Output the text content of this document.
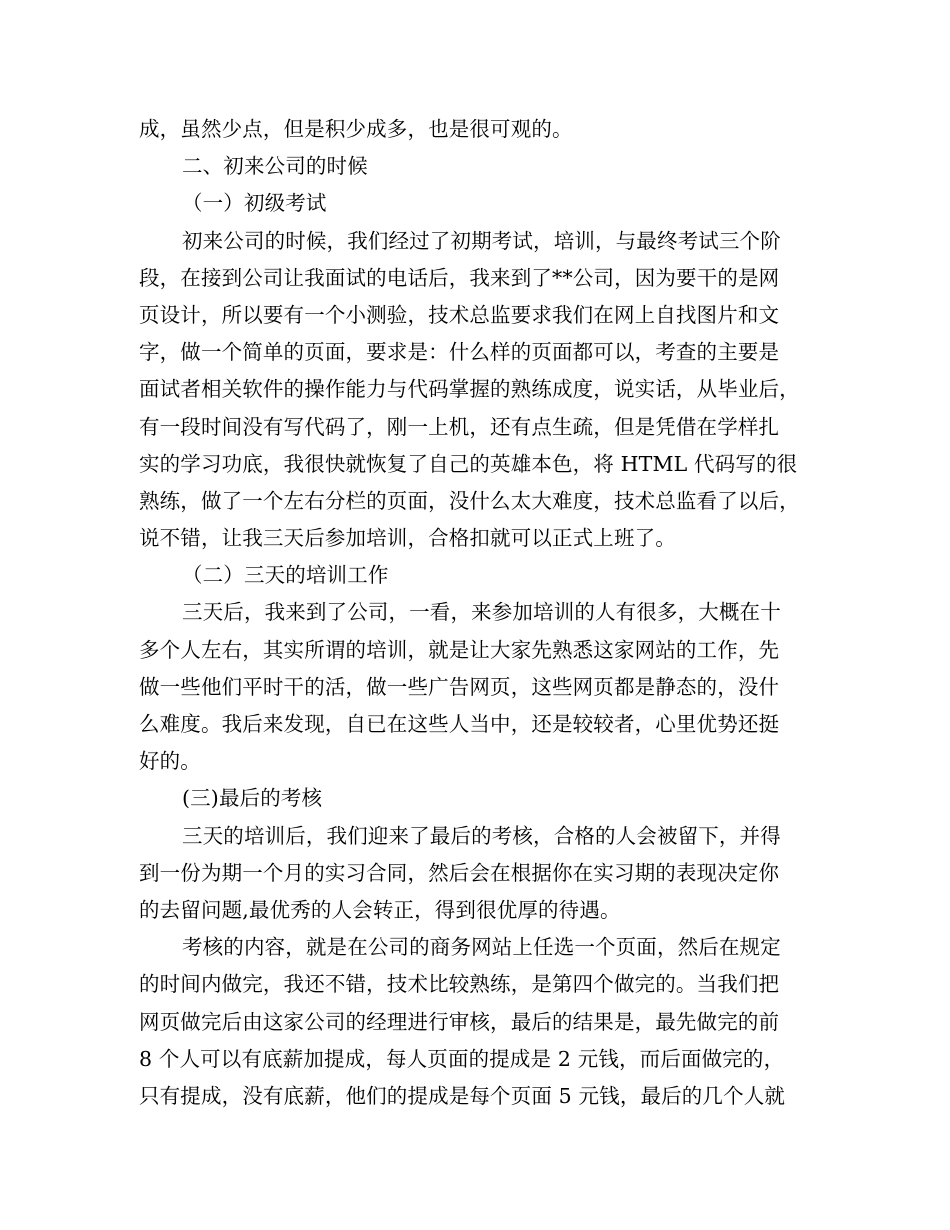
成，虽然少点，但是积少成多，也是很可观的。
二、初来公司的时候
（一）初级考试
初来公司的时候，我们经过了初期考试，培训，与最终考试三个阶
段，在接到公司让我面试的电话后，我来到了**公司，因为要干的是网
页设计，所以要有一个小测验，技术总监要求我们在网上自找图片和文
字，做一个简单的页面，要求是：什么样的页面都可以，考查的主要是
面试者相关软件的操作能力与代码掌握的熟练成度，说实话，从毕业后，
有一段时间没有写代码了，刚一上机，还有点生疏，但是凭借在学样扎
实的学习功底，我很快就恢复了自己的英雄本色，将 HTML 代码写的很
熟练，做了一个左右分栏的页面，没什么太大难度，技术总监看了以后，
说不错，让我三天后参加培训，合格扣就可以正式上班了。
（二）三天的培训工作
三天后，我来到了公司，一看，来参加培训的人有很多，大概在十
多个人左右，其实所谓的培训，就是让大家先熟悉这家网站的工作，先
做一些他们平时干的活，做一些广告网页，这些网页都是静态的，没什
么难度。我后来发现，自已在这些人当中，还是较较者，心里优势还挺
好的。
(三)最后的考核
三天的培训后，我们迎来了最后的考核，合格的人会被留下，并得
到一份为期一个月的实习合同，然后会在根据你在实习期的表现决定你
的去留问题,最优秀的人会转正，得到很优厚的待遇。
考核的内容，就是在公司的商务网站上任选一个页面，然后在规定
的时间内做完，我还不错，技术比较熟练，是第四个做完的。当我们把
网页做完后由这家公司的经理进行审核，最后的结果是，最先做完的前
8 个人可以有底薪加提成，每人页面的提成是 2 元钱，而后面做完的，
只有提成，没有底薪，他们的提成是每个页面 5 元钱，最后的几个人就
